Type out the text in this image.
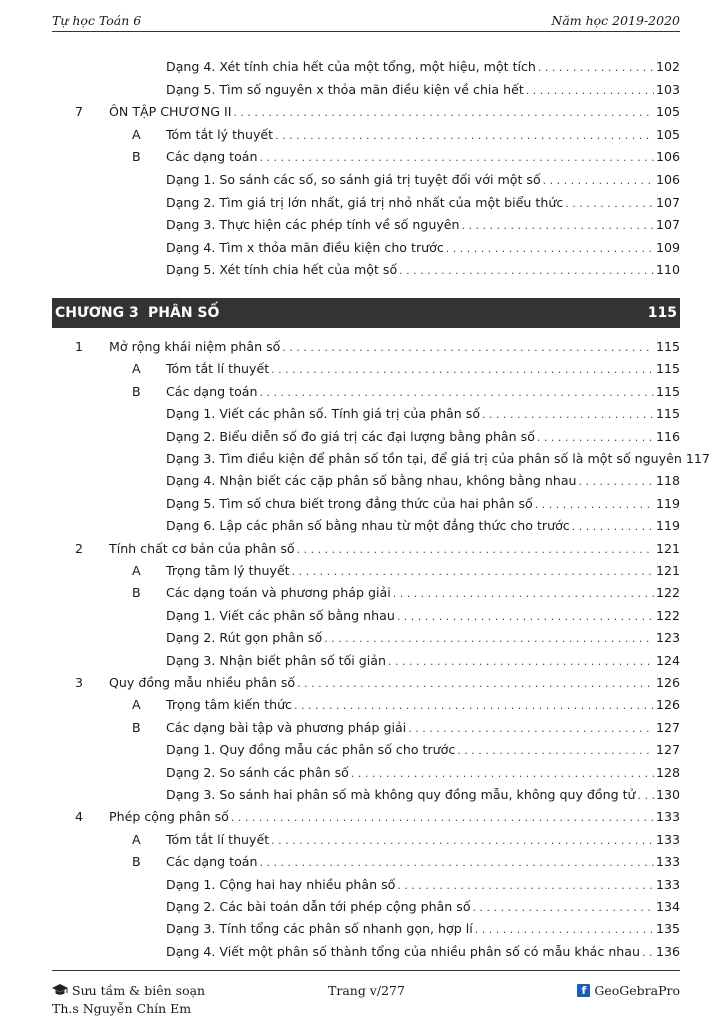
Tự học Toán 6	Năm học 2019-2020
Dạng 4. Xét tính chia hết của một tổng, một hiệu, một tích . . .	102
Dạng 5. Tìm số nguyên x thỏa mãn điều kiện về chia hết . . .	103
7	ÔN TẬP CHƯƠNG II . . .	105
A	Tóm tắt lý thuyết . . .	105
B	Các dạng toán . . .	106
Dạng 1. So sánh các số, so sánh giá trị tuyệt đối với một số . . .	106
Dạng 2. Tìm giá trị lớn nhất, giá trị nhỏ nhất của một biểu thức . . .	107
Dạng 3. Thực hiện các phép tính về số nguyên . . .	107
Dạng 4. Tìm x thỏa mãn điều kiện cho trước . . .	109
Dạng 5. Xét tính chia hết của một số . . .	110
1	Mở rộng khái niệm phân số . . .	115
A	Tóm tắt lí thuyết . . .	115
B	Các dạng toán . . .	115
Dạng 1. Viết các phân số. Tính giá trị của phân số . . .	115
Dạng 2. Biểu diễn số đo giá trị các đại lượng bằng phân số . . .	116
Dạng 3. Tìm điều kiện để phân số tồn tại, để giá trị của phân số là một số nguyên 117
Dạng 4. Nhận biết các cặp phân số bằng nhau, không bằng nhau . . .	118
Dạng 5. Tìm số chưa biết trong đẳng thức của hai phân số . . .	119
Dạng 6. Lập các phân số bằng nhau từ một đẳng thức cho trước . . .	119
2	Tính chất cơ bản của phân số . . .	121
A	Trọng tâm lý thuyết . . .	121
B	Các dạng toán và phương pháp giải . . .	122
Dạng 1. Viết các phân số bằng nhau . . .	122
Dạng 2. Rút gọn phân số . . .	123
Dạng 3. Nhận biết phân số tối giản . . .	124
3	Quy đồng mẫu nhiều phân số . . .	126
A	Trọng tâm kiến thức . . .	126
B	Các dạng bài tập và phương pháp giải . . .	127
Dạng 1. Quy đồng mẫu các phân số cho trước . . .	127
Dạng 2. So sánh các phân số . . .	128
Dạng 3. So sánh hai phân số mà không quy đồng mẫu, không quy đồng tử . . . 130
4	Phép cộng phân số . . .	133
A	Tóm tắt lí thuyết . . .	133
B	Các dạng toán . . .	133
Dạng 1. Cộng hai hay nhiều phân số . . .	133
Dạng 2. Các bài toán dẫn tới phép cộng phân số . . .	134
Dạng 3. Tính tổng các phân số nhanh gọn, hợp lí . . .	135
Dạng 4. Viết một phân số thành tổng của nhiều phân số có mẫu khác nhau . . . 136
CHƯƠNG 3 PHÂN SỐ	115
Sưu tầm & biên soạn
Th.s Nguyễn Chín Em
Trang v/277	f GeoGebraPro
